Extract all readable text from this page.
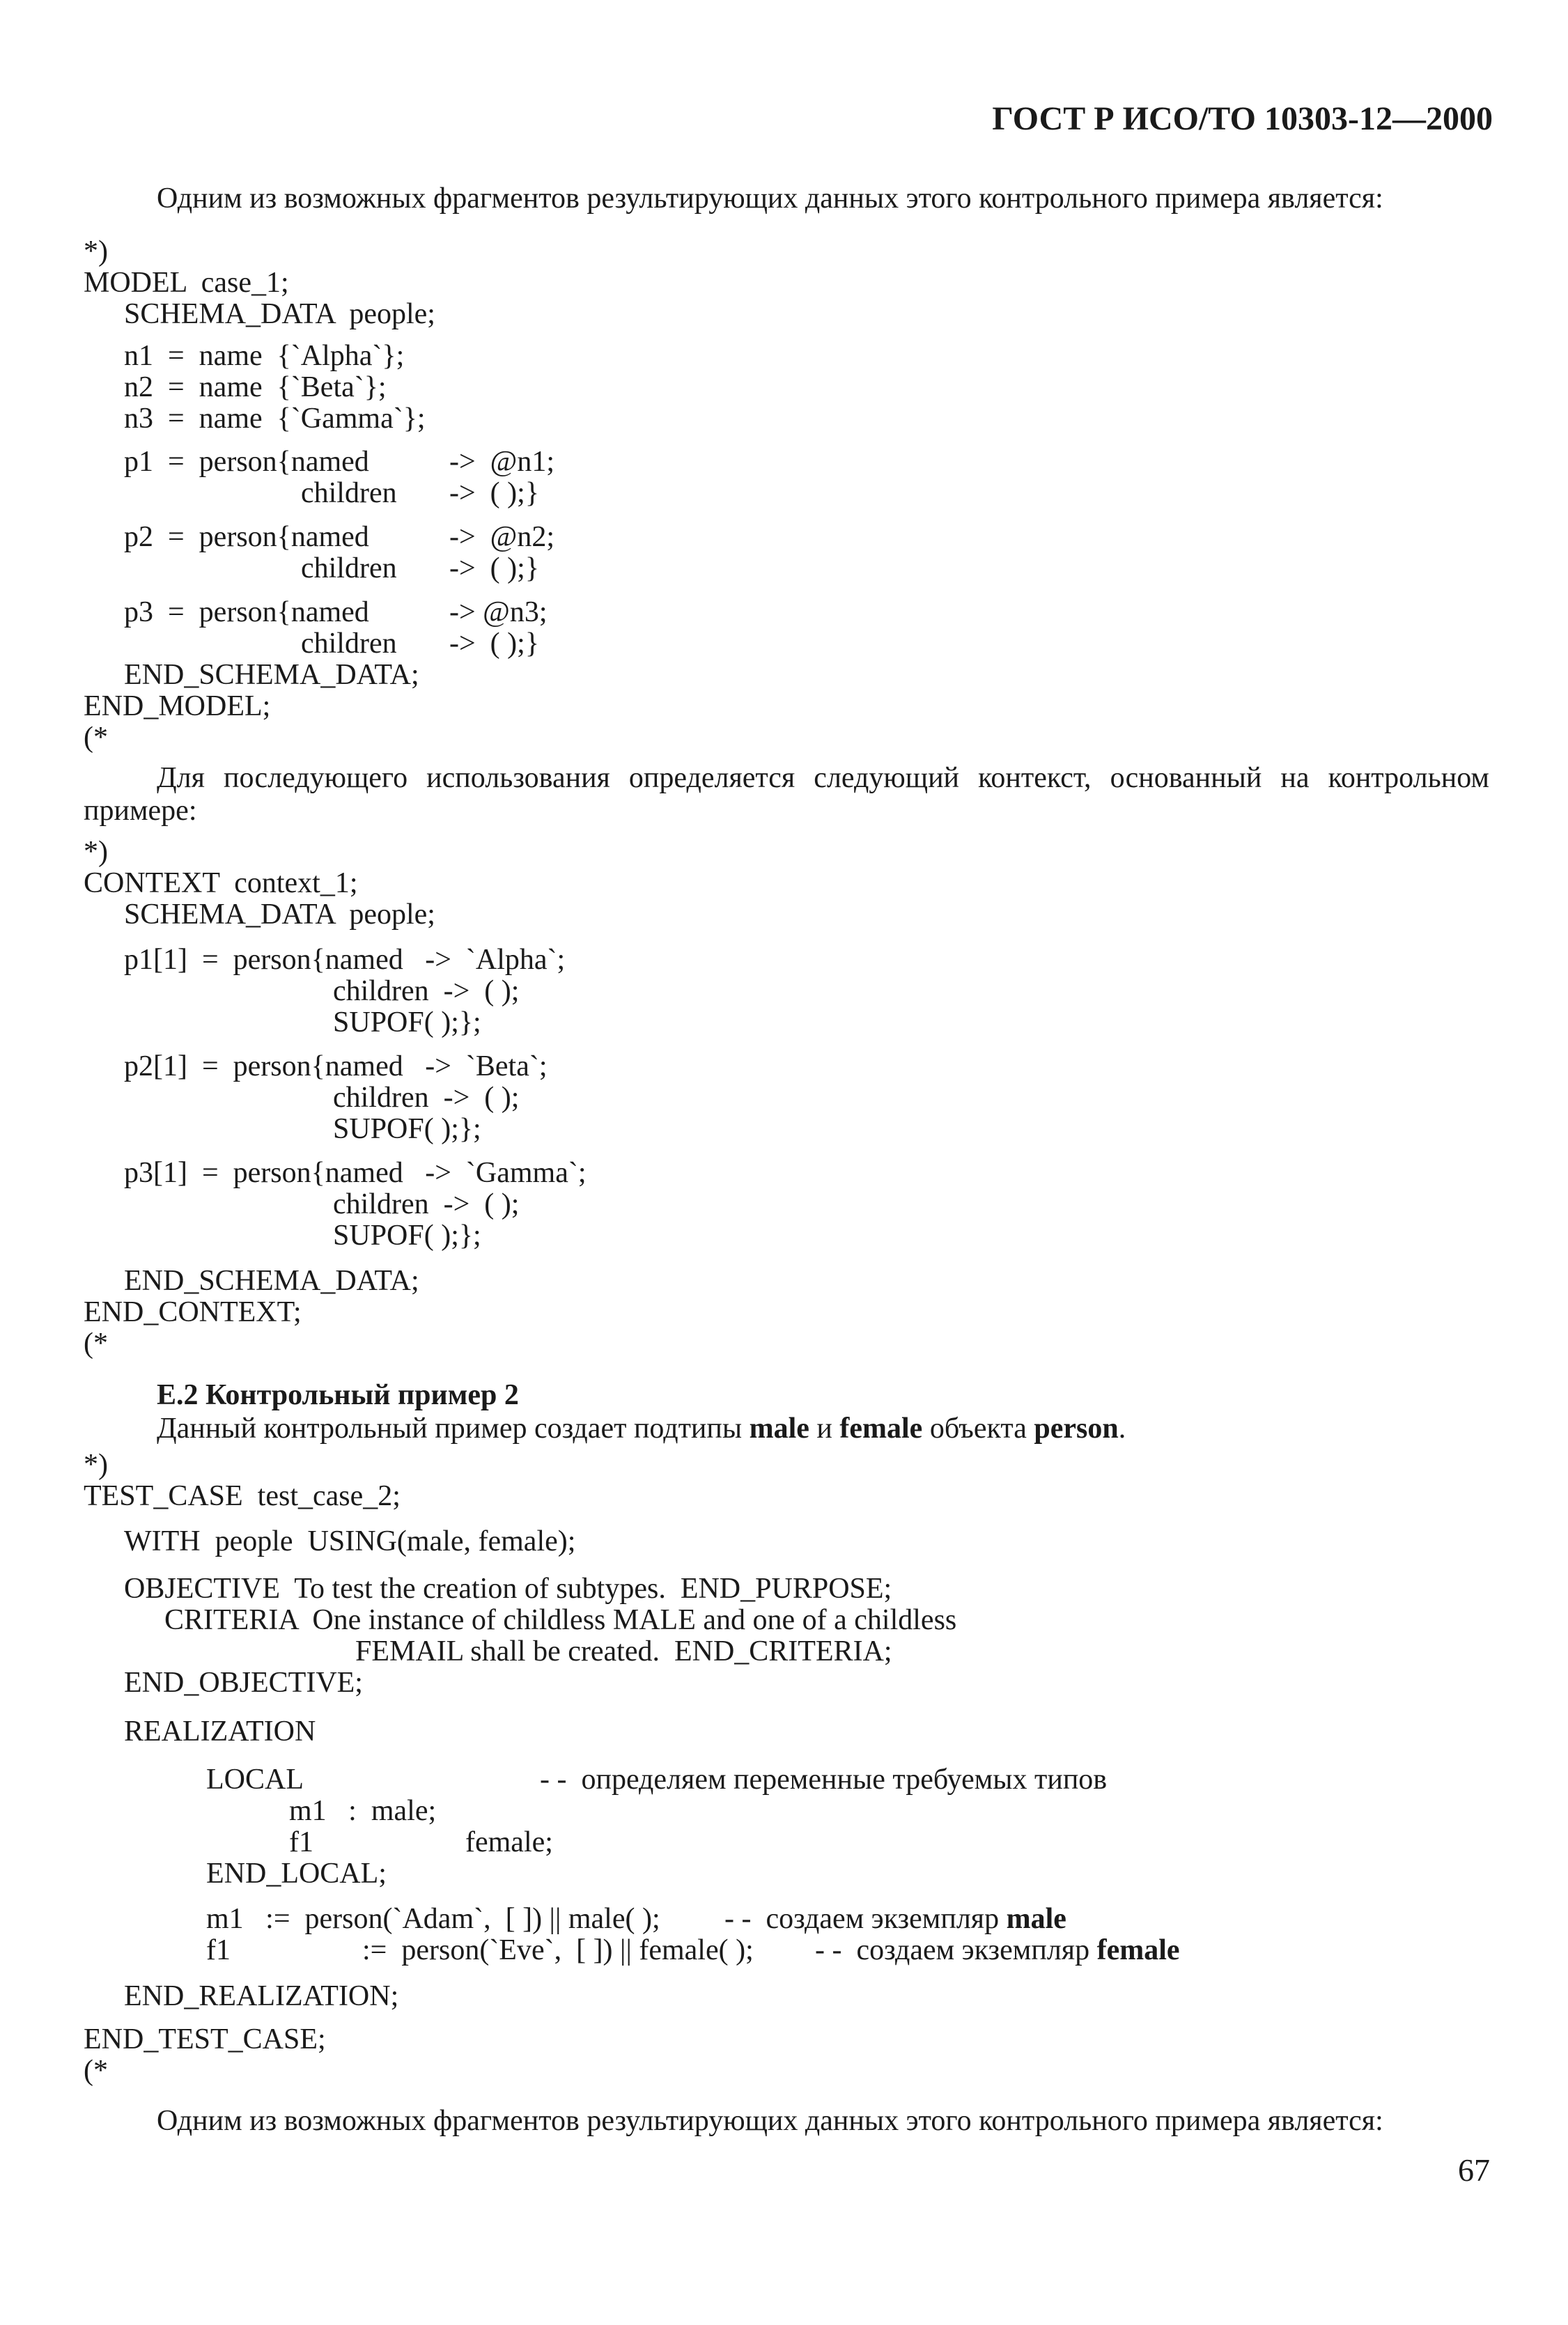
ГОСТ Р ИСО/ТО 10303-12—2000
Одним из возможных фрагментов результирующих данных этого контрольного примера является:
*)
MODEL  case_1;
SCHEMA_DATA  people;
n1  =  name  {`Alpha`};
n2  =  name  {`Beta`};
n3  =  name  {`Gamma`};
p1  =  person{named	->  @n1;
children ->  ( );}
p2  =  person{named	->  @n2;
children ->  ( );}
p3  =  person{named	-> @n3;
children ->  ( );}
END_SCHEMA_DATA;
END_MODEL;
(*
Для последующего использования определяется следующий контекст, основанный на контрольном примере:
*)
CONTEXT  context_1;
SCHEMA_DATA  people;
p1[1]  =  person{named   ->  `Alpha`;
children  ->  ( );
SUPOF( );};
p2[1]  =  person{named   ->  `Beta`;
children  ->  ( );
SUPOF( );};
p3[1]  =  person{named   ->  `Gamma`;
children  ->  ( );
SUPOF( );};
END_SCHEMA_DATA;
END_CONTEXT;
(*
Е.2 Контрольный пример 2
Данный контрольный пример создает подтипы male и female объекта person.
*)
TEST_CASE  test_case_2;
WITH  people  USING(male, female);
OBJECTIVE  To test the creation of subtypes.  END_PURPOSE;
CRITERIA  One instance of childless MALE and one of a childless
FEMAIL shall be created.  END_CRITERIA;
END_OBJECTIVE;
REALIZATION
LOCAL	- -  определяем переменные требуемых типов
m1   :  male;
f1	female;
END_LOCAL;
m1   :=  person(`Adam`,  [ ]) || male( ); - -  создаем экземпляр male
f1	:=  person(`Eve`,  [ ]) || female( ); - -  создаем экземпляр female
END_REALIZATION;
END_TEST_CASE;
(*
Одним из возможных фрагментов результирующих данных этого контрольного примера является:
67
